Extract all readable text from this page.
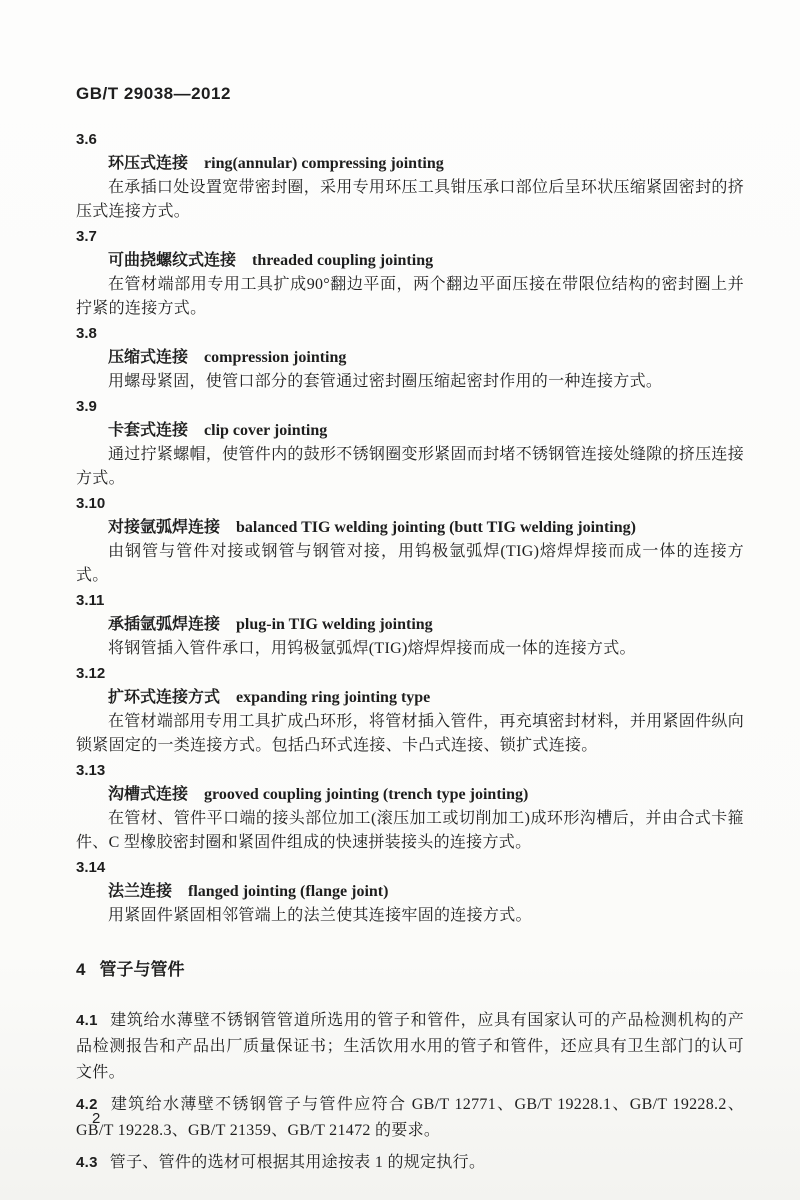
GB/T 29038—2012
3.6
环压式连接 ring(annular) compressing jointing
在承插口处设置宽带密封圈，采用专用环压工具钳压承口部位后呈环状压缩紧固密封的挤压式连接方式。
3.7
可曲挠螺纹式连接 threaded coupling jointing
在管材端部用专用工具扩成90°翻边平面，两个翻边平面压接在带限位结构的密封圈上并拧紧的连接方式。
3.8
压缩式连接 compression jointing
用螺母紧固，使管口部分的套管通过密封圈压缩起密封作用的一种连接方式。
3.9
卡套式连接 clip cover jointing
通过拧紧螺帽，使管件内的鼓形不锈钢圈变形紧固而封堵不锈钢管连接处缝隙的挤压连接方式。
3.10
对接氩弧焊连接 balanced TIG welding jointing (butt TIG welding jointing)
由钢管与管件对接或钢管与钢管对接，用钨极氩弧焊(TIG)熔焊焊接而成一体的连接方式。
3.11
承插氩弧焊连接 plug-in TIG welding jointing
将钢管插入管件承口，用钨极氩弧焊(TIG)熔焊焊接而成一体的连接方式。
3.12
扩环式连接方式 expanding ring jointing type
在管材端部用专用工具扩成凸环形，将管材插入管件，再充填密封材料，并用紧固件纵向锁紧固定的一类连接方式。包括凸环式连接、卡凸式连接、锁扩式连接。
3.13
沟槽式连接 grooved coupling jointing (trench type jointing)
在管材、管件平口端的接头部位加工(滚压加工或切削加工)成环形沟槽后，并由合式卡箍件、C 型橡胶密封圈和紧固件组成的快速拼装接头的连接方式。
3.14
法兰连接 flanged jointing (flange joint)
用紧固件紧固相邻管端上的法兰使其连接牢固的连接方式。
4 管子与管件
4.1 建筑给水薄壁不锈钢管管道所选用的管子和管件，应具有国家认可的产品检测机构的产品检测报告和产品出厂质量保证书；生活饮用水用的管子和管件，还应具有卫生部门的认可文件。
4.2 建筑给水薄壁不锈钢管子与管件应符合 GB/T 12771、GB/T 19228.1、GB/T 19228.2、GB/T 19228.3、GB/T 21359、GB/T 21472 的要求。
4.3 管子、管件的选材可根据其用途按表 1 的规定执行。
2
